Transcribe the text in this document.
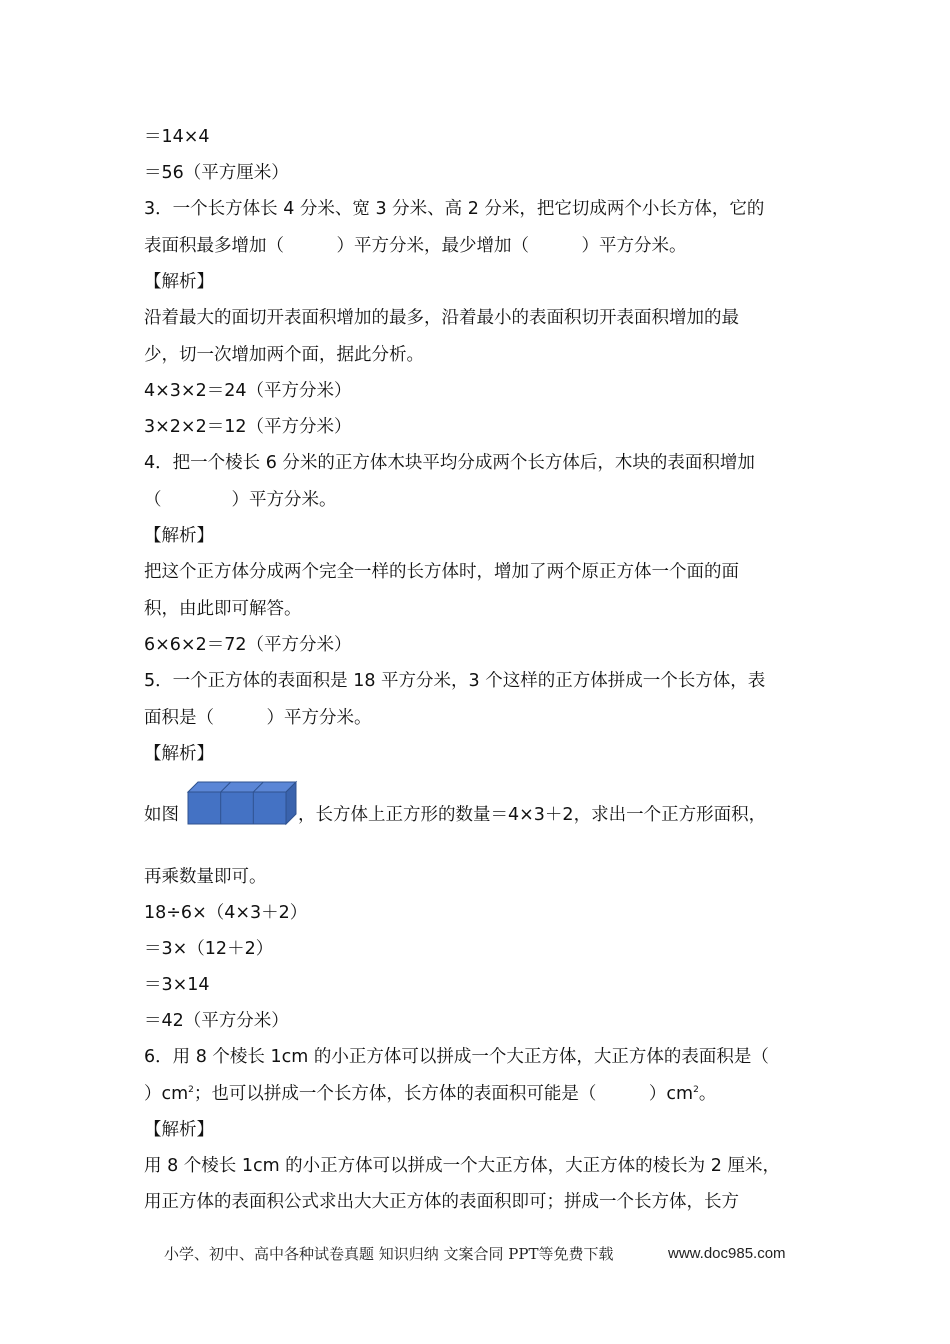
＝14×4
＝56（平方厘米）
3．一个长方体长 4 分米、宽 3 分米、高 2 分米，把它切成两个小长方体，它的
表面积最多增加（　　　）平方分米，最少增加（　　　）平方分米。
【解析】
沿着最大的面切开表面积增加的最多，沿着最小的表面积切开表面积增加的最
少，切一次增加两个面，据此分析。
4×3×2＝24（平方分米）
3×2×2＝12（平方分米）
4．把一个棱长 6 分米的正方体木块平均分成两个长方体后，木块的表面积增加
（　　　　）平方分米。
【解析】
把这个正方体分成两个完全一样的长方体时，增加了两个原正方体一个面的面
积，由此即可解答。
6×6×2＝72（平方分米）
5．一个正方体的表面积是 18 平方分米，3 个这样的正方体拼成一个长方体，表
面积是（　　　）平方分米。
【解析】
如图	，长方体上正方形的数量＝4×3＋2，求出一个正方形面积，
再乘数量即可。
18÷6×（4×3＋2）
＝3×（12＋2）
＝3×14
＝42（平方分米）
6．用 8 个棱长 1cm 的小正方体可以拼成一个大正方体，大正方体的表面积是（
）$cm^2$；也可以拼成一个长方体，长方体的表面积可能是（　　　）$cm^2$。
【解析】
用 8 个棱长 1cm 的小正方体可以拼成一个大正方体，大正方体的棱长为 2 厘米，
用正方体的表面积公式求出大大正方体的表面积即可；拼成一个长方体，长方
小学、初中、高中各种试卷真题 知识归纳 文案合同 PPT等免费下载	www.doc985.com
